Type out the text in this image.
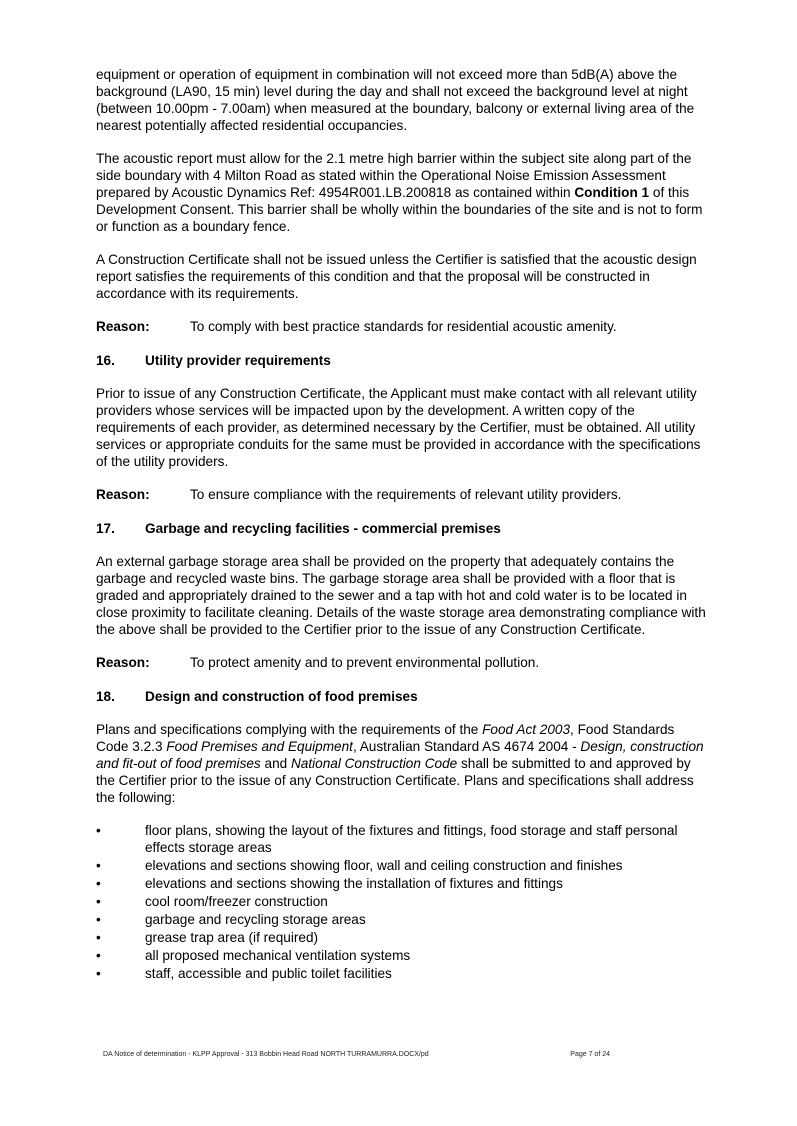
equipment or operation of equipment in combination will not exceed more than 5dB(A) above the background (LA90, 15 min) level during the day and shall not exceed the background level at night (between 10.00pm - 7.00am) when measured at the boundary, balcony or external living area of the nearest potentially affected residential occupancies.

The acoustic report must allow for the 2.1 metre high barrier within the subject site along part of the side boundary with 4 Milton Road as stated within the Operational Noise Emission Assessment prepared by Acoustic Dynamics Ref: 4954R001.LB.200818 as contained within Condition 1 of this Development Consent. This barrier shall be wholly within the boundaries of the site and is not to form or function as a boundary fence.

A Construction Certificate shall not be issued unless the Certifier is satisfied that the acoustic design report satisfies the requirements of this condition and that the proposal will be constructed in accordance with its requirements.

Reason:	To comply with best practice standards for residential acoustic amenity.
16.	Utility provider requirements

Prior to issue of any Construction Certificate, the Applicant must make contact with all relevant utility providers whose services will be impacted upon by the development. A written copy of the requirements of each provider, as determined necessary by the Certifier, must be obtained. All utility services or appropriate conduits for the same must be provided in accordance with the specifications of the utility providers.

Reason:	To ensure compliance with the requirements of relevant utility providers.
17.	Garbage and recycling facilities - commercial premises

An external garbage storage area shall be provided on the property that adequately contains the garbage and recycled waste bins. The garbage storage area shall be provided with a floor that is graded and appropriately drained to the sewer and a tap with hot and cold water is to be located in close proximity to facilitate cleaning. Details of the waste storage area demonstrating compliance with the above shall be provided to the Certifier prior to the issue of any Construction Certificate.

Reason:	To protect amenity and to prevent environmental pollution.
18.	Design and construction of food premises

Plans and specifications complying with the requirements of the Food Act 2003, Food Standards Code 3.2.3 Food Premises and Equipment, Australian Standard AS 4674 2004 - Design, construction and fit-out of food premises and National Construction Code shall be submitted to and approved by the Certifier prior to the issue of any Construction Certificate. Plans and specifications shall address the following:

•	floor plans, showing the layout of the fixtures and fittings, food storage and staff personal effects storage areas
•	elevations and sections showing floor, wall and ceiling construction and finishes
•	elevations and sections showing the installation of fixtures and fittings
•	cool room/freezer construction
•	garbage and recycling storage areas
•	grease trap area (if required)
•	all proposed mechanical ventilation systems
•	staff, accessible and public toilet facilities
DA Notice of determination - KLPP Approval - 313 Bobbin Head Road NORTH TURRAMURRA.DOCX/pd	Page 7 of 24
